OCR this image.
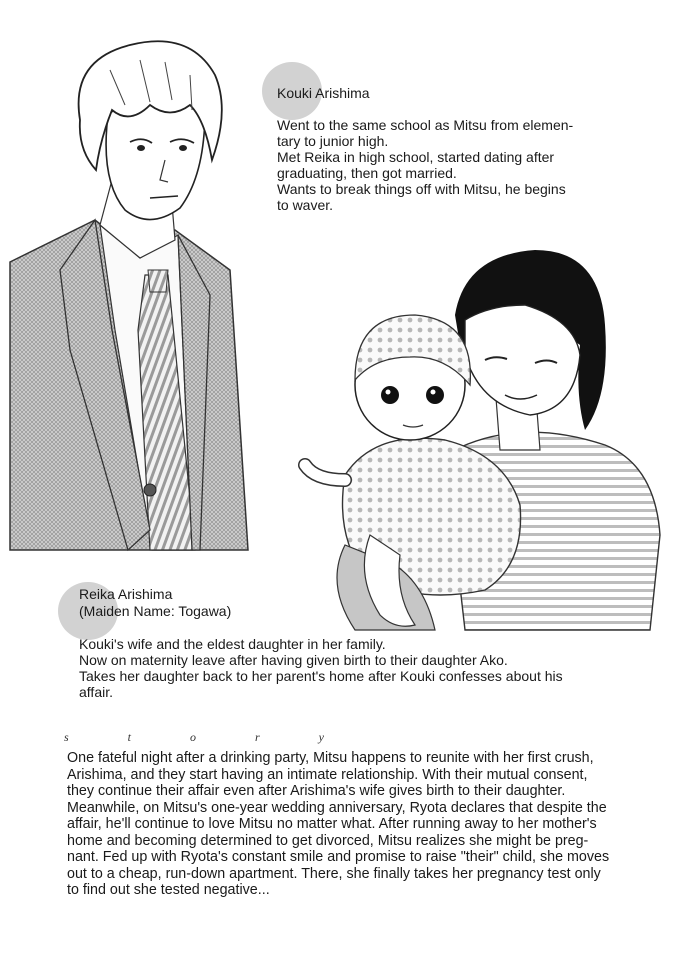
Kouki Arishima

Went to the same school as Mitsu from elemen-

tary to junior high.

Met Reika in high school, started dating after

graduating, then got married.

Wants to break things off with Mitsu, he begins

to waver.

Reika Arishima
(Maiden Name: Togawa)

Kouki's wife and the eldest daughter in her family.

Now on maternity leave after having given birth to their daughter Ako.

Takes her daughter back to her parent's home after Kouki confesses about his

affair.

s	t	o	r	y

One fateful night after a drinking party, Mitsu happens to reunite with her first crush,

Arishima, and they start having an intimate relationship. With their mutual consent,

they continue their affair even after Arishima's wife gives birth to their daughter.

Meanwhile, on Mitsu's one-year wedding anniversary, Ryota declares that despite the

affair, he'll continue to love Mitsu no matter what. After running away to her mother's

home and becoming determined to get divorced, Mitsu realizes she might be preg-

nant. Fed up with Ryota's constant smile and promise to raise "their" child, she moves

out to a cheap, run-down apartment. There, she finally takes her pregnancy test only

to find out she tested negative...
